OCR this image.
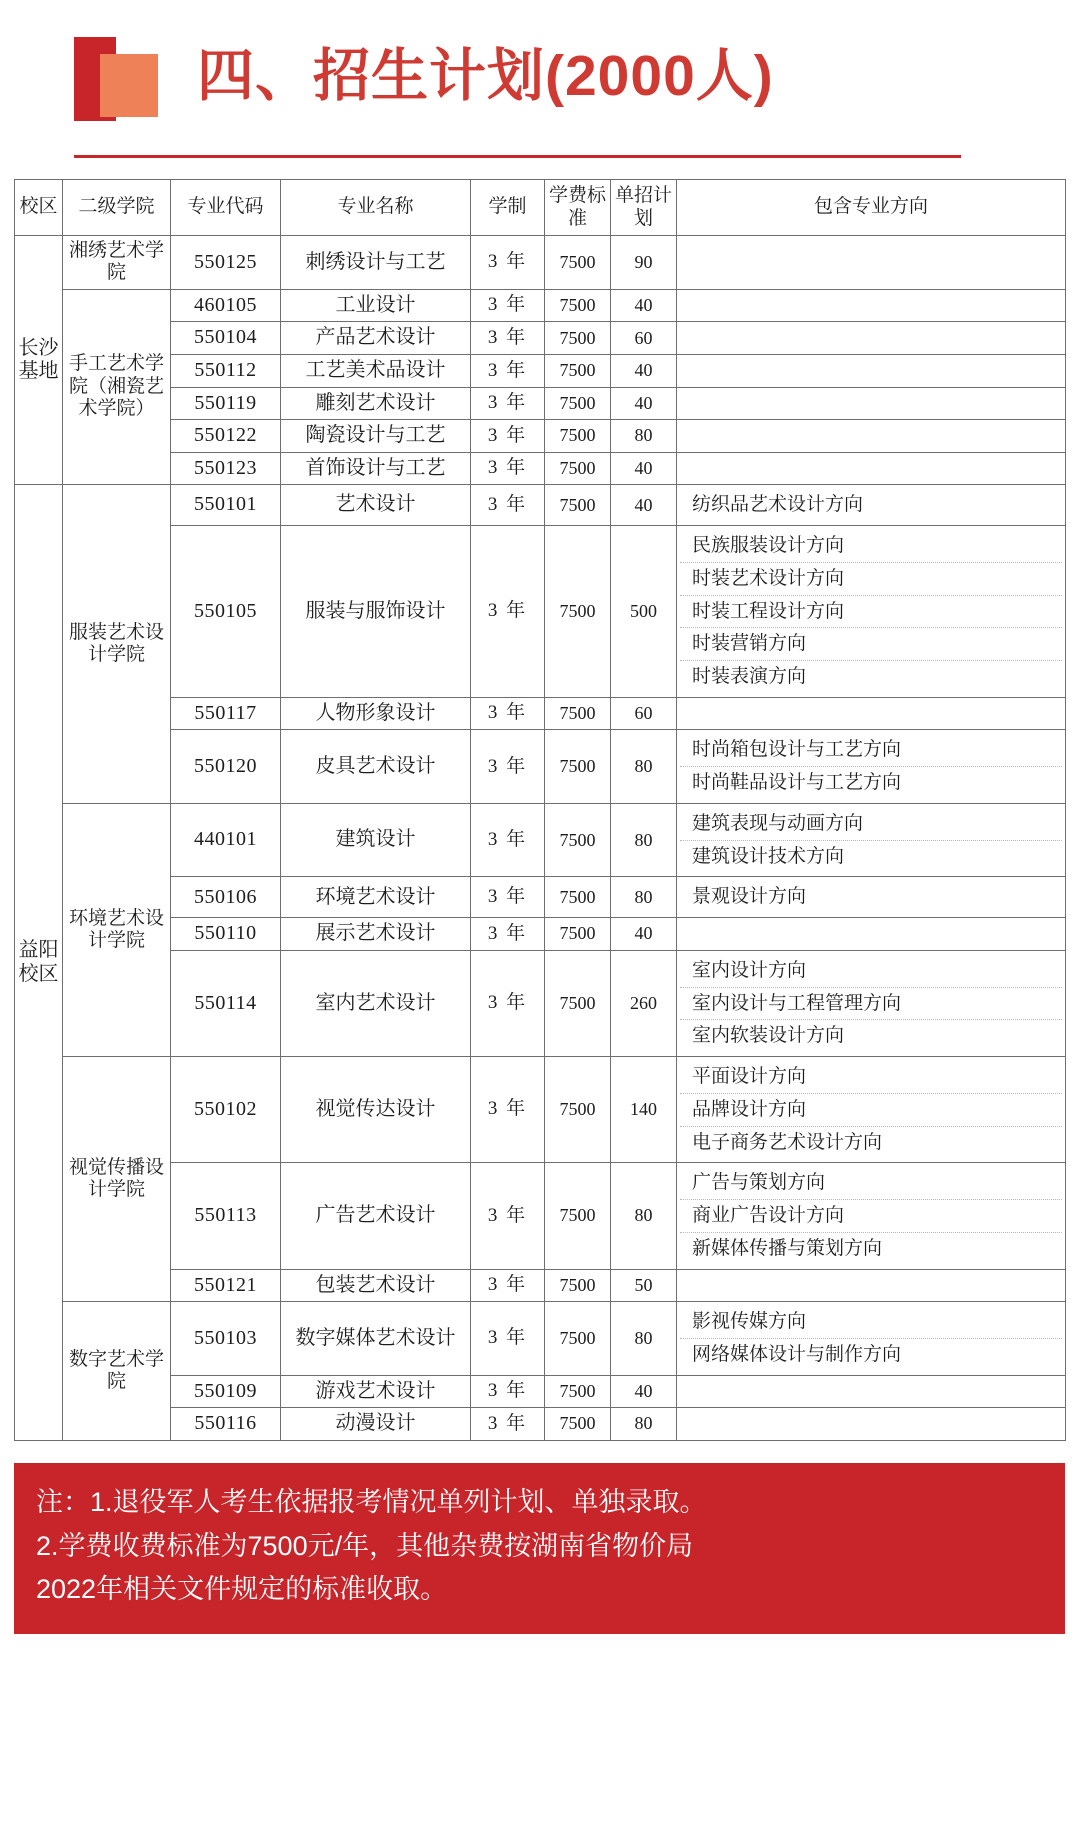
四、招生计划(2000人)
校区	二级学院	专业代码	专业名称	学制	学费标准	单招计划	包含专业方向
长沙基地	湘绣艺术学院	550125	刺绣设计与工艺	3 年	7500	90	

	手工艺术学院（湘瓷艺术学院）	460105	工业设计	3 年	7500	40	

		550104	产品艺术设计	3 年	7500	60	

		550112	工艺美术品设计	3 年	7500	40	

		550119	雕刻艺术设计	3 年	7500	40	

		550122	陶瓷设计与工艺	3 年	7500	80	

		550123	首饰设计与工艺	3 年	7500	40	

益阳校区	服装艺术设计学院	550101	艺术设计	3 年	7500	40	纺织品艺术设计方向

		550105	服装与服饰设计	3 年	7500	500	民族服装设计方向
时装艺术设计方向
时装工程设计方向
时装营销方向
时装表演方向

		550117	人物形象设计	3 年	7500	60	

		550120	皮具艺术设计	3 年	7500	80	时尚箱包设计与工艺方向
时尚鞋品设计与工艺方向

	环境艺术设计学院	440101	建筑设计	3 年	7500	80	建筑表现与动画方向
建筑设计技术方向

		550106	环境艺术设计	3 年	7500	80	景观设计方向

		550110	展示艺术设计	3 年	7500	40	

		550114	室内艺术设计	3 年	7500	260	室内设计方向
室内设计与工程管理方向
室内软装设计方向

	视觉传播设计学院	550102	视觉传达设计	3 年	7500	140	平面设计方向
品牌设计方向
电子商务艺术设计方向

		550113	广告艺术设计	3 年	7500	80	广告与策划方向
商业广告设计方向
新媒体传播与策划方向

		550121	包装艺术设计	3 年	7500	50	

	数字艺术学院	550103	数字媒体艺术设计	3 年	7500	80	影视传媒方向
网络媒体设计与制作方向

		550109	游戏艺术设计	3 年	7500	40	

		550116	动漫设计	3 年	7500	80	

注：1.退役军人考生依据报考情况单列计划、单独录取。

2.学费收费标准为7500元/年，其他杂费按湖南省物价局

2022年相关文件规定的标准收取。
